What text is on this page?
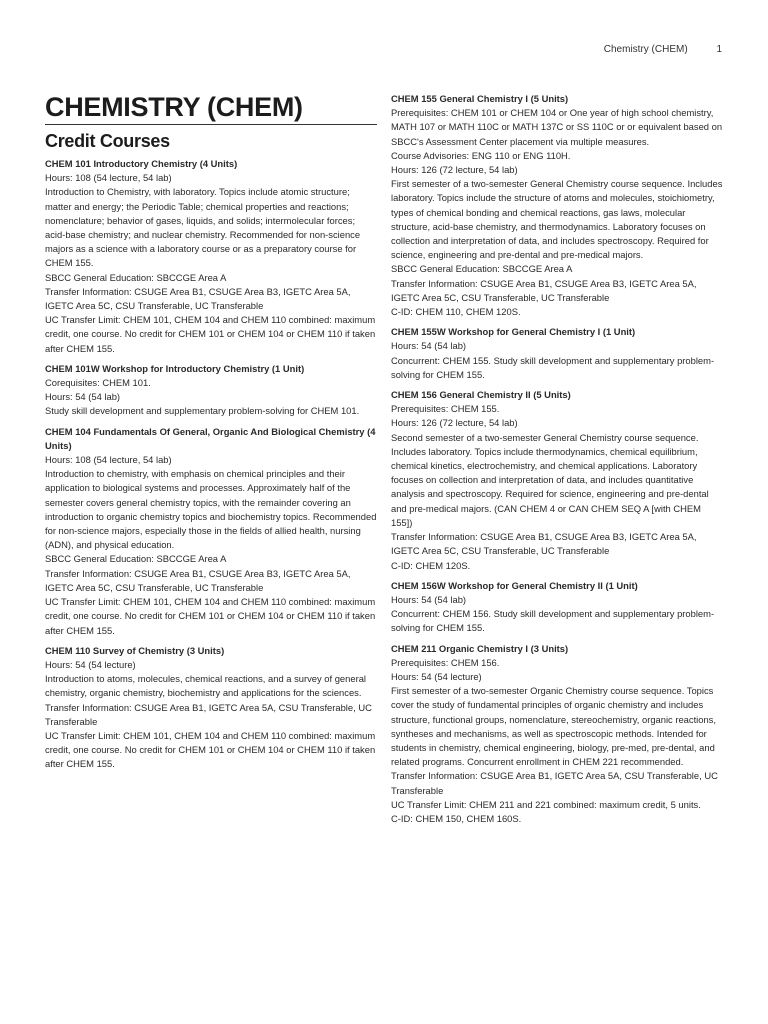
Chemistry (CHEM)	1
CHEMISTRY (CHEM)
Credit Courses

CHEM 101 Introductory Chemistry (4 Units)

Hours: 108 (54 lecture, 54 lab)

Introduction to Chemistry, with laboratory. Topics include atomic structure; matter and energy; the Periodic Table; chemical properties and reactions; nomenclature; behavior of gases, liquids, and solids; intermolecular forces; acid-base chemistry; and nuclear chemistry. Recommended for non-science majors as a science with a laboratory course or as a preparatory course for CHEM 155.

SBCC General Education: SBCCGE Area A

Transfer Information: CSUGE Area B1, CSUGE Area B3, IGETC Area 5A, IGETC Area 5C, CSU Transferable, UC Transferable

UC Transfer Limit: CHEM 101, CHEM 104 and CHEM 110 combined: maximum credit, one course. No credit for CHEM 101 or CHEM 104 or CHEM 110 if taken after CHEM 155.

CHEM 101W Workshop for Introductory Chemistry (1 Unit)

Corequisites: CHEM 101.

Hours: 54 (54 lab)

Study skill development and supplementary problem-solving for CHEM 101.

CHEM 104 Fundamentals Of General, Organic And Biological Chemistry (4 Units)

Hours: 108 (54 lecture, 54 lab)

Introduction to chemistry, with emphasis on chemical principles and their application to biological systems and processes. Approximately half of the semester covers general chemistry topics, with the remainder covering an introduction to organic chemistry topics and biochemistry topics. Recommended for non-science majors, especially those in the fields of allied health, nursing (ADN), and physical education.

SBCC General Education: SBCCGE Area A

Transfer Information: CSUGE Area B1, CSUGE Area B3, IGETC Area 5A, IGETC Area 5C, CSU Transferable, UC Transferable

UC Transfer Limit: CHEM 101, CHEM 104 and CHEM 110 combined: maximum credit, one course. No credit for CHEM 101 or CHEM 104 or CHEM 110 if taken after CHEM 155.

CHEM 110 Survey of Chemistry (3 Units)

Hours: 54 (54 lecture)

Introduction to atoms, molecules, chemical reactions, and a survey of general chemistry, organic chemistry, biochemistry and applications for the sciences.

Transfer Information: CSUGE Area B1, IGETC Area 5A, CSU Transferable, UC Transferable

UC Transfer Limit: CHEM 101, CHEM 104 and CHEM 110 combined: maximum credit, one course. No credit for CHEM 101 or CHEM 104 or CHEM 110 if taken after CHEM 155.

CHEM 155 General Chemistry I (5 Units)

Prerequisites: CHEM 101 or CHEM 104 or One year of high school chemistry, MATH 107 or MATH 110C or MATH 137C or SS 110C or or equivalent based on SBCC's Assessment Center placement via multiple measures.

Course Advisories: ENG 110 or ENG 110H.

Hours: 126 (72 lecture, 54 lab)

First semester of a two-semester General Chemistry course sequence. Includes laboratory. Topics include the structure of atoms and molecules, stoichiometry, types of chemical bonding and chemical reactions, gas laws, molecular structure, acid-base chemistry, and thermodynamics. Laboratory focuses on collection and interpretation of data, and includes spectroscopy. Required for science, engineering and pre-dental and pre-medical majors.

SBCC General Education: SBCCGE Area A

Transfer Information: CSUGE Area B1, CSUGE Area B3, IGETC Area 5A, IGETC Area 5C, CSU Transferable, UC Transferable

C-ID: CHEM 110, CHEM 120S.

CHEM 155W Workshop for General Chemistry I (1 Unit)

Hours: 54 (54 lab)

Concurrent: CHEM 155. Study skill development and supplementary problem-solving for CHEM 155.

CHEM 156 General Chemistry II (5 Units)

Prerequisites: CHEM 155.

Hours: 126 (72 lecture, 54 lab)

Second semester of a two-semester General Chemistry course sequence. Includes laboratory. Topics include thermodynamics, chemical equilibrium, chemical kinetics, electrochemistry, and chemical applications. Laboratory focuses on collection and interpretation of data, and includes quantitative analysis and spectroscopy. Required for science, engineering and pre-dental and pre-medical majors. (CAN CHEM 4 or CAN CHEM SEQ A [with CHEM 155])

Transfer Information: CSUGE Area B1, CSUGE Area B3, IGETC Area 5A, IGETC Area 5C, CSU Transferable, UC Transferable

C-ID: CHEM 120S.

CHEM 156W Workshop for General Chemistry II (1 Unit)

Hours: 54 (54 lab)

Concurrent: CHEM 156. Study skill development and supplementary problem-solving for CHEM 155.

CHEM 211 Organic Chemistry I (3 Units)

Prerequisites: CHEM 156.

Hours: 54 (54 lecture)

First semester of a two-semester Organic Chemistry course sequence. Topics cover the study of fundamental principles of organic chemistry and includes structure, functional groups, nomenclature, stereochemistry, organic reactions, syntheses and mechanisms, as well as spectroscopic methods. Intended for students in chemistry, chemical engineering, biology, pre-med, pre-dental, and related programs. Concurrent enrollment in CHEM 221 recommended.

Transfer Information: CSUGE Area B1, IGETC Area 5A, CSU Transferable, UC Transferable

UC Transfer Limit: CHEM 211 and 221 combined: maximum credit, 5 units.

C-ID: CHEM 150, CHEM 160S.
